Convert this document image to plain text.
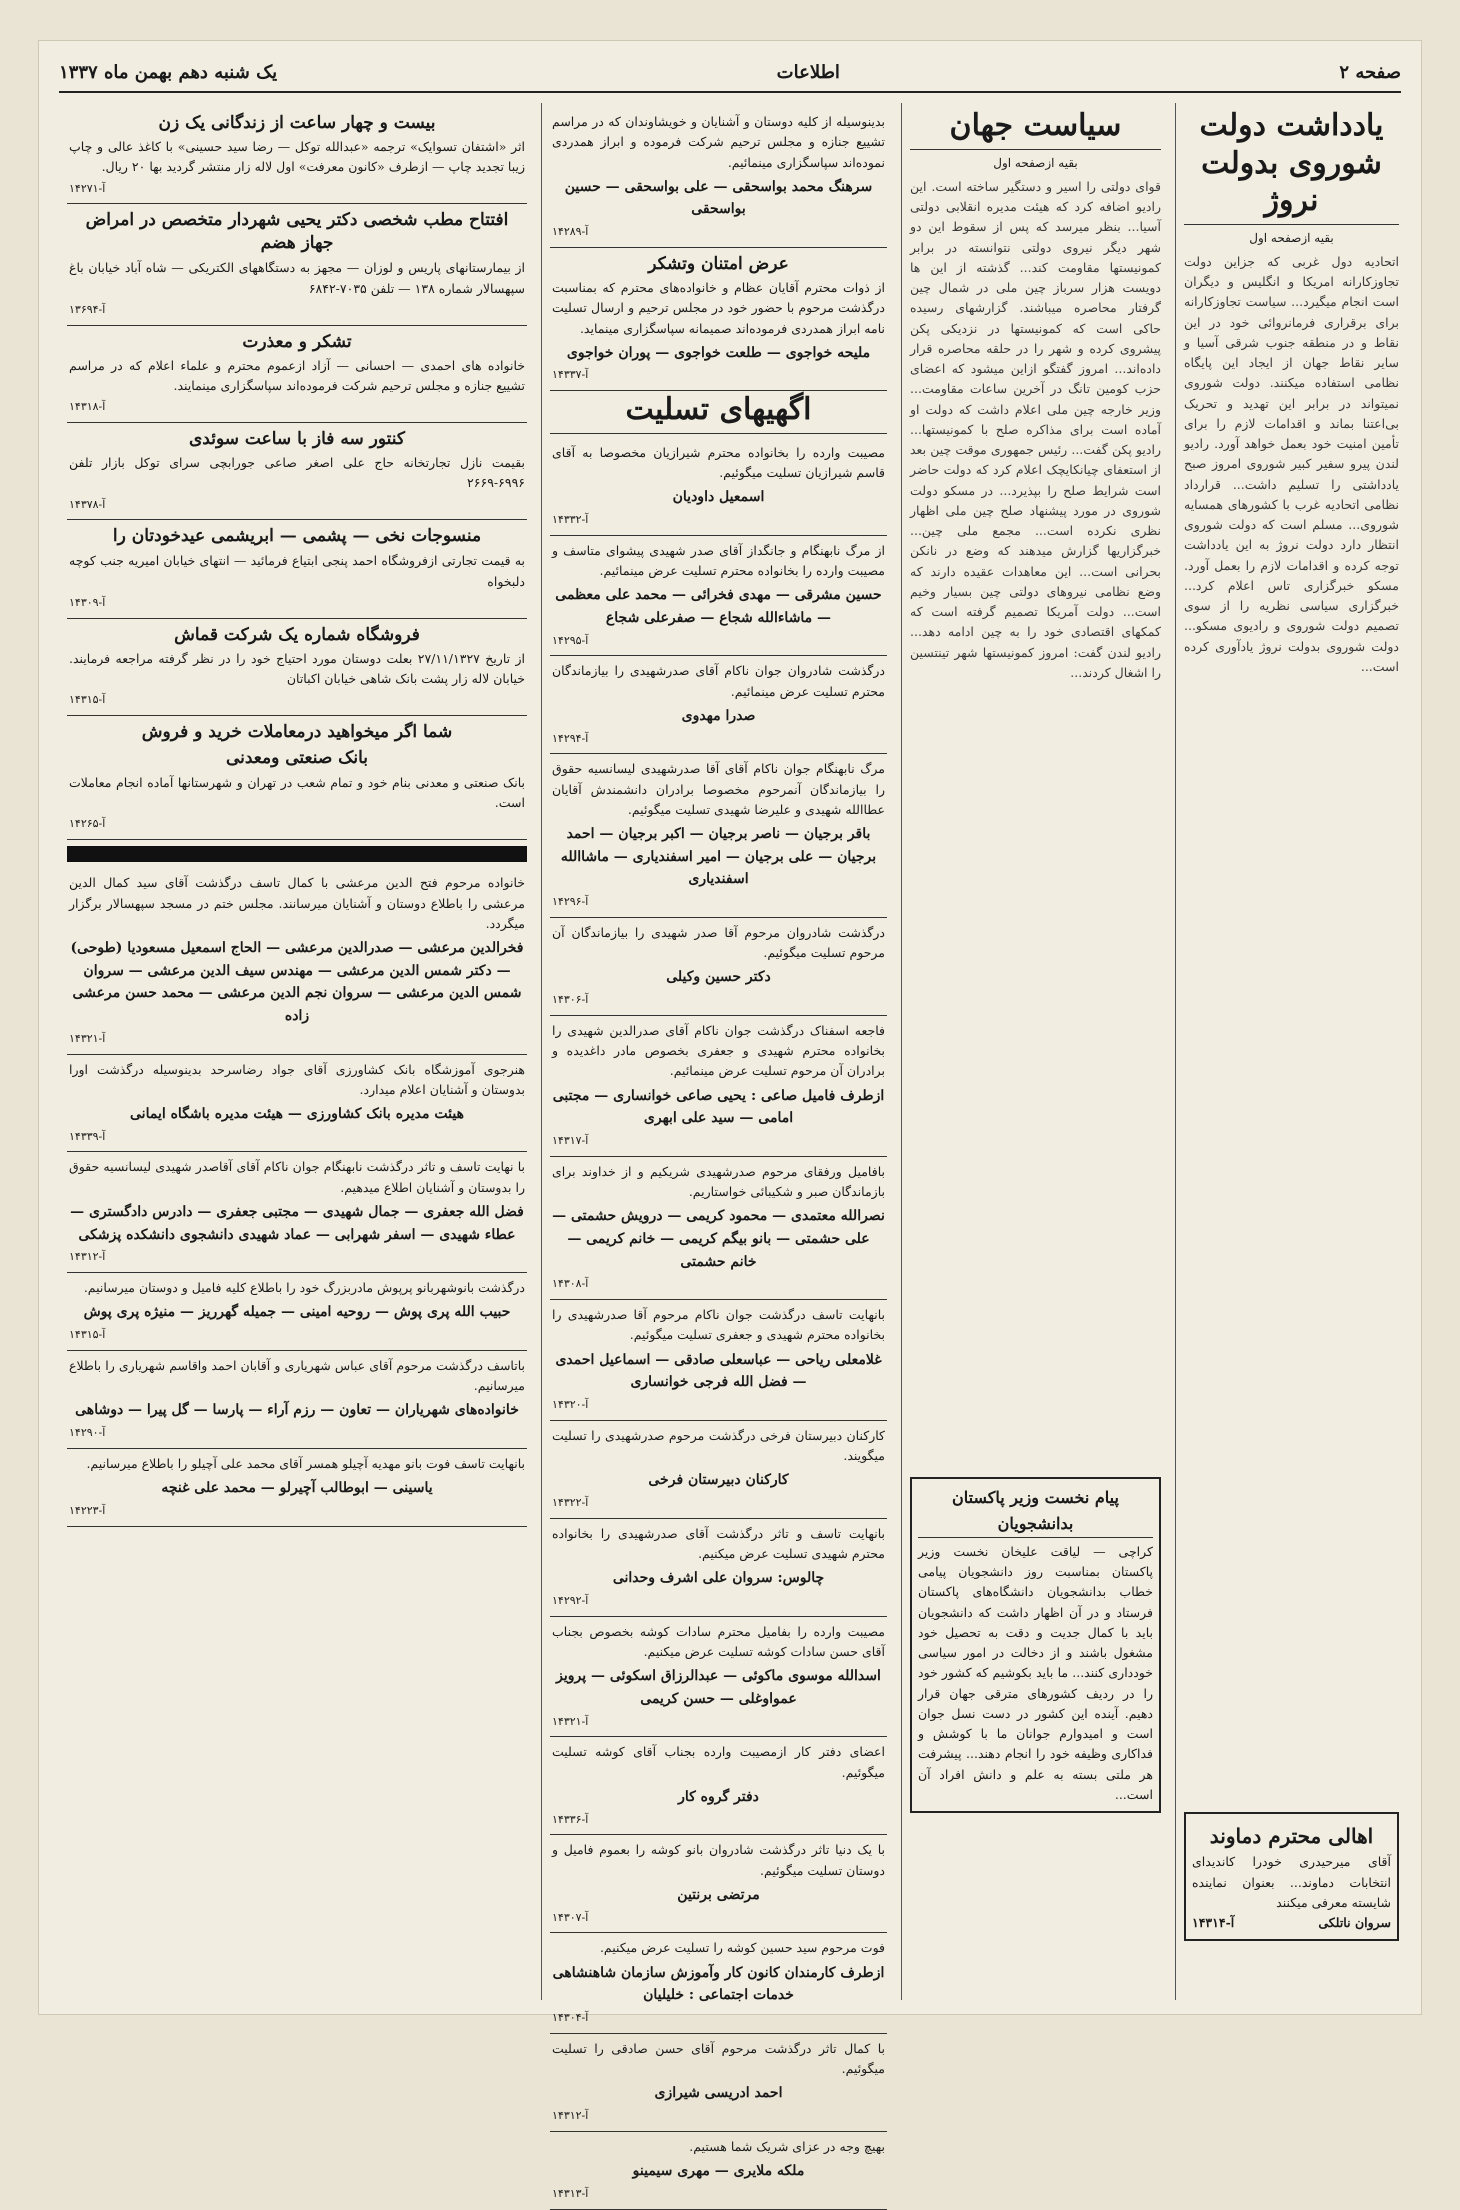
صفحه ۲
اطلاعات
یک شنبه دهم بهمن ماه ۱۳۳۷
یادداشت دولت شوروی بدولت نروژ
بقیه ازصفحه اول
اتحادیه دول غربی که جزاین دولت تجاوزکارانه امریکا و انگلیس و دیگران است انجام میگیرد... سیاست تجاوزکارانه برای برقراری فرمانروائی خود در این نقاط و در منطقه جنوب شرقی آسیا و سایر نقاط جهان از ایجاد این پایگاه نظامی استفاده میکنند. دولت شوروی نمیتواند در برابر این تهدید و تحریک بی‌اعتنا بماند و اقدامات لازم را برای تأمین امنیت خود بعمل خواهد آورد. رادیو لندن پیرو سفیر کبیر شوروی امروز صبح یادداشتی را تسلیم داشت... قرارداد نظامی اتحادیه غرب با کشورهای همسایه شوروی... مسلم است که دولت شوروی انتظار دارد دولت نروژ به این یادداشت توجه کرده و اقدامات لازم را بعمل آورد. مسکو خبرگزاری تاس اعلام کرد... خبرگزاری سیاسی نظریه را از سوی تصمیم دولت شوروی و رادیوی مسکو... دولت شوروی بدولت نروژ یادآوری کرده است...
اهالی محترم دماوند
آقای میرحیدری خودرا کاندیدای انتخابات دماوند... بعنوان نماینده شایسته معرفی میکنند
سروان ناتلکی
آ-۱۴۳۱۴
سیاست جهان
بقیه ازصفحه اول
قوای دولتی را اسیر و دستگیر ساخته است. این رادیو اضافه کرد که هیئت مدیره انقلابی دولتی آسیا... بنظر میرسد که پس از سقوط این دو شهر دیگر نیروی دولتی نتوانسته در برابر کمونیستها مقاومت کند... گذشته از این ها دویست هزار سرباز چین ملی در شمال چین گرفتار محاصره میباشند. گزارشهای رسیده حاکی است که کمونیستها در نزدیکی پکن پیشروی کرده و شهر را در حلقه محاصره قرار داده‌اند... امروز گفتگو ازاین میشود که اعضای حزب کومین تانگ در آخرین ساعات مقاومت... وزیر خارجه چین ملی اعلام داشت که دولت او آماده است برای مذاکره صلح با کمونیستها... رادیو پکن گفت... رئیس جمهوری موقت چین بعد از استعفای چیانکایچک اعلام کرد که دولت حاضر است شرایط صلح را بپذیرد... در مسکو دولت شوروی در مورد پیشنهاد صلح چین ملی اظهار نظری نکرده است... مجمع ملی چین... خبرگزاریها گزارش میدهند که وضع در نانکن بحرانی است... این معاهدات عقیده دارند که وضع نظامی نیروهای دولتی چین بسیار وخیم است... دولت آمریکا تصمیم گرفته است که کمکهای اقتصادی خود را به چین ادامه دهد... رادیو لندن گفت: امروز کمونیستها شهر تینتسین را اشغال کردند...
پیام نخست وزیر پاکستان بدانشجویان
کراچی — لیاقت علیخان نخست وزیر پاکستان بمناسبت روز دانشجویان پیامی خطاب بدانشجویان دانشگاه‌های پاکستان فرستاد و در آن اظهار داشت که دانشجویان باید با کمال جدیت و دقت به تحصیل خود مشغول باشند و از دخالت در امور سیاسی خودداری کنند... ما باید بکوشیم که کشور خود را در ردیف کشورهای مترقی جهان قرار دهیم. آینده این کشور در دست نسل جوان است و امیدوارم جوانان ما با کوشش و فداکاری وظیفه خود را انجام دهند... پیشرفت هر ملتی بسته به علم و دانش افراد آن است...
بدینوسیله از کلیه دوستان و آشنایان و خویشاوندان که در مراسم تشییع جنازه و مجلس ترحیم شرکت فرموده و ابراز همدردی نموده‌اند سپاسگزاری مینمائیم.
سرهنگ محمد بواسحقی — علی بواسحقی — حسین بواسحقی
آ-۱۴۲۸۹
عرض امتنان وتشکر
از ذوات محترم آقایان عظام و خانواده‌های محترم که بمناسبت درگذشت مرحوم با حضور خود در مجلس ترحیم و ارسال تسلیت نامه ابراز همدردی فرموده‌اند صمیمانه سپاسگزاری مینماید.
ملیحه خواجوی — طلعت خواجوی — پوران خواجوی
آ-۱۴۳۳۷
اگهیهای تسلیت
مصیبت وارده را بخانواده محترم شیرازیان مخصوصا به آقای قاسم شیرازیان تسلیت میگوئیم.
اسمعیل داودیان
آ-۱۴۳۳۲
از مرگ نابهنگام و جانگداز آقای صدر شهیدی پیشوای متاسف و مصیبت وارده را بخانواده محترم تسلیت عرض مینمائیم.
حسین مشرقی — مهدی فخرائی — محمد علی معظمی — ماشاءالله شجاع — صفرعلی شجاع
آ-۱۴۲۹۵
درگذشت شادروان جوان ناکام آقای صدرشهیدی را بیازماندگان محترم تسلیت عرض مینمائیم.
صدرا مهدوی
آ-۱۴۲۹۴
مرگ نابهنگام جوان ناکام آقای آقا صدرشهیدی لیسانسیه حقوق را بیازماندگان آنمرحوم مخصوصا برادران دانشمندش آقایان عطاالله شهیدی و علیرضا شهیدی تسلیت میگوئیم.
باقر برجیان — ناصر برجیان — اکبر برجیان — احمد برجیان — علی برجیان — امیر اسفندیاری — ماشاالله اسفندیاری
آ-۱۴۲۹۶
درگذشت شادروان مرحوم آقا صدر شهیدی را بیازماندگان آن مرحوم تسلیت میگوئیم.
دکتر حسین وکیلی
آ-۱۴۳۰۶
فاجعه اسفناک درگذشت جوان ناکام آقای صدرالدین شهیدی را بخانواده محترم شهیدی و جعفری بخصوص مادر داغدیده و برادران آن مرحوم تسلیت عرض مینمائیم.
ازطرف فامیل صاعی : یحیی صاعی خوانساری — مجتبی امامی — سید علی ابهری
آ-۱۴۳۱۷
بافامیل ورفقای مرحوم صدرشهیدی شریکیم و از خداوند برای بازماندگان صبر و شکیبائی خواستاریم.
نصرالله معتمدی — محمود کریمی — درویش حشمتی — علی حشمتی — بانو بیگم کریمی — خانم کریمی — خانم حشمتی
آ-۱۴۳۰۸
بانهایت تاسف درگذشت جوان ناکام مرحوم آقا صدرشهیدی را بخانواده محترم شهیدی و جعفری تسلیت میگوئیم.
غلامعلی ریاحی — عباسعلی صادقی — اسماعیل احمدی — فضل الله فرجی خوانساری
آ-۱۴۳۲۰
کارکنان دبیرستان فرخی درگذشت مرحوم صدرشهیدی را تسلیت میگویند.
کارکنان دبیرستان فرخی
آ-۱۴۳۲۲
بانهایت تاسف و تاثر درگذشت آقای صدرشهیدی را بخانواده محترم شهیدی تسلیت عرض میکنیم.
چالوس: سروان علی اشرف وحدانی
آ-۱۴۲۹۲
مصیبت وارده را بفامیل محترم سادات کوشه بخصوص بجناب آقای حسن سادات کوشه تسلیت عرض میکنیم.
اسدالله موسوی ماکوئی — عبدالرزاق اسکوئی — پرویز عمواوغلی — حسن کریمی
آ-۱۴۳۲۱
اعضای دفتر کار ازمصیبت وارده بجناب آقای کوشه تسلیت میگوئیم.
دفتر گروه کار
آ-۱۴۳۳۶
با یک دنیا تاثر درگذشت شادروان بانو کوشه را بعموم فامیل و دوستان تسلیت میگوئیم.
مرتضی برنتین
آ-۱۴۳۰۷
فوت مرحوم سید حسین کوشه را تسلیت عرض میکنیم.
ازطرف کارمندان کانون کار وآموزش سازمان شاهنشاهی خدمات اجتماعی : خلیلیان
آ-۱۴۳۰۴
با کمال تاثر درگذشت مرحوم آقای حسن صادقی را تسلیت میگوئیم.
احمد ادریسی شیرازی
آ-۱۴۳۱۲
بهیچ وجه در عزای شریک شما هستیم.
ملکه ملایری — مهری سیمینو
آ-۱۴۳۱۳
بیست و چهار ساعت از زندگانی یک زن
اثر «اشتفان تسوایک» ترجمه «عبدالله توکل — رضا سید حسینی» با کاغذ عالی و چاپ زیبا تجدید چاپ — ازطرف «کانون معرفت» اول لاله زار منتشر گردید بها ۲۰ ریال.
آ-۱۴۲۷۱
افتتاح مطب شخصی دکتر یحیی شهردار متخصص در امراض جهاز هضم
از بیمارستانهای پاریس و لوزان — مجهز به دستگاههای الکتریکی — شاه آباد خیابان باغ سپهسالار شماره ۱۳۸ — تلفن ۷۰۳۵-۶۸۴۲
آ-۱۳۶۹۴
تشکر و معذرت
خانواده های احمدی — احسانی — آزاد ازعموم محترم و علماء اعلام که در مراسم تشییع جنازه و مجلس ترحیم شرکت فرموده‌اند سپاسگزاری مینمایند.
آ-۱۴۳۱۸
کنتور سه فاز با ساعت سوئدی
بقیمت نازل تجارتخانه حاج علی اصغر صاعی جورابچی سرای توکل بازار تلفن ۶۹۹۶-۲۶۶۹
آ-۱۴۳۷۸
منسوجات نخی — پشمی — ابریشمی عیدخودتان را
به قیمت تجارتی ازفروشگاه احمد پنجی ابتیاع فرمائید — انتهای خیابان امیریه جنب کوچه دلبخواه
آ-۱۴۳۰۹
فروشگاه شماره یک شرکت قماش
از تاریخ ۲۷/۱۱/۱۳۲۷ بعلت دوستان مورد احتیاج خود را در نظر گرفته مراجعه فرمایند. خیابان لاله زار پشت بانک شاهی خیابان اکباتان
آ-۱۴۳۱۵
شما اگر میخواهید درمعاملات خرید و فروش
بانک صنعتی ومعدنی
بانک صنعتی و معدنی بنام خود و تمام شعب در تهران و شهرستانها آماده انجام معاملات است.
آ-۱۴۲۶۵
خانواده مرحوم فتح الدین مرعشی با کمال تاسف درگذشت آقای سید کمال الدین مرعشی را باطلاع دوستان و آشنایان میرسانند. مجلس ختم در مسجد سپهسالار برگزار میگردد.
فخرالدین مرعشی — صدرالدین مرعشی — الحاج اسمعیل مسعودیا (طوحی) — دکتر شمس الدین مرعشی — مهندس سیف الدین مرعشی — سروان شمس الدین مرعشی — سروان نجم الدین مرعشی — محمد حسن مرعشی زاده
آ-۱۴۳۲۱
هنرجوی آموزشگاه بانک کشاورزی آقای جواد رضاسرحد بدینوسیله درگذشت اورا بدوستان و آشنایان اعلام میدارد.
هیئت مدیره بانک کشاورزی — هیئت مدیره باشگاه ایمانی
آ-۱۴۳۳۹
با نهایت تاسف و تاثر درگذشت نابهنگام جوان ناکام آقای آقاصدر شهیدی لیسانسیه حقوق را بدوستان و آشنایان اطلاع میدهیم.
فضل الله جعفری — جمال شهیدی — مجتبی جعفری — دادرس دادگستری — عطاء شهیدی — اسفر شهرابی — عماد شهیدی دانشجوی دانشکده پزشکی
آ-۱۴۳۱۲
درگذشت بانوشهربانو پرپوش مادربزرگ خود را باطلاع کلیه فامیل و دوستان میرسانیم.
حبیب الله پری پوش — روحیه امینی — جمیله گهرریز — منیژه پری پوش
آ-۱۴۳۱۵
باتاسف درگذشت مرحوم آقای عباس شهریاری و آقابان احمد واقاسم شهریاری را باطلاع میرسانیم.
خانواده‌های شهریاران — تعاون — رزم آراء — پارسا — گل پیرا — دوشاهی
آ-۱۴۲۹۰
بانهایت تاسف فوت بانو مهدیه آچیلو همسر آقای محمد علی آچیلو را باطلاع میرسانیم.
یاسینی — ابوطالب آچیرلو — محمد علی غنچه
آ-۱۴۲۲۳
